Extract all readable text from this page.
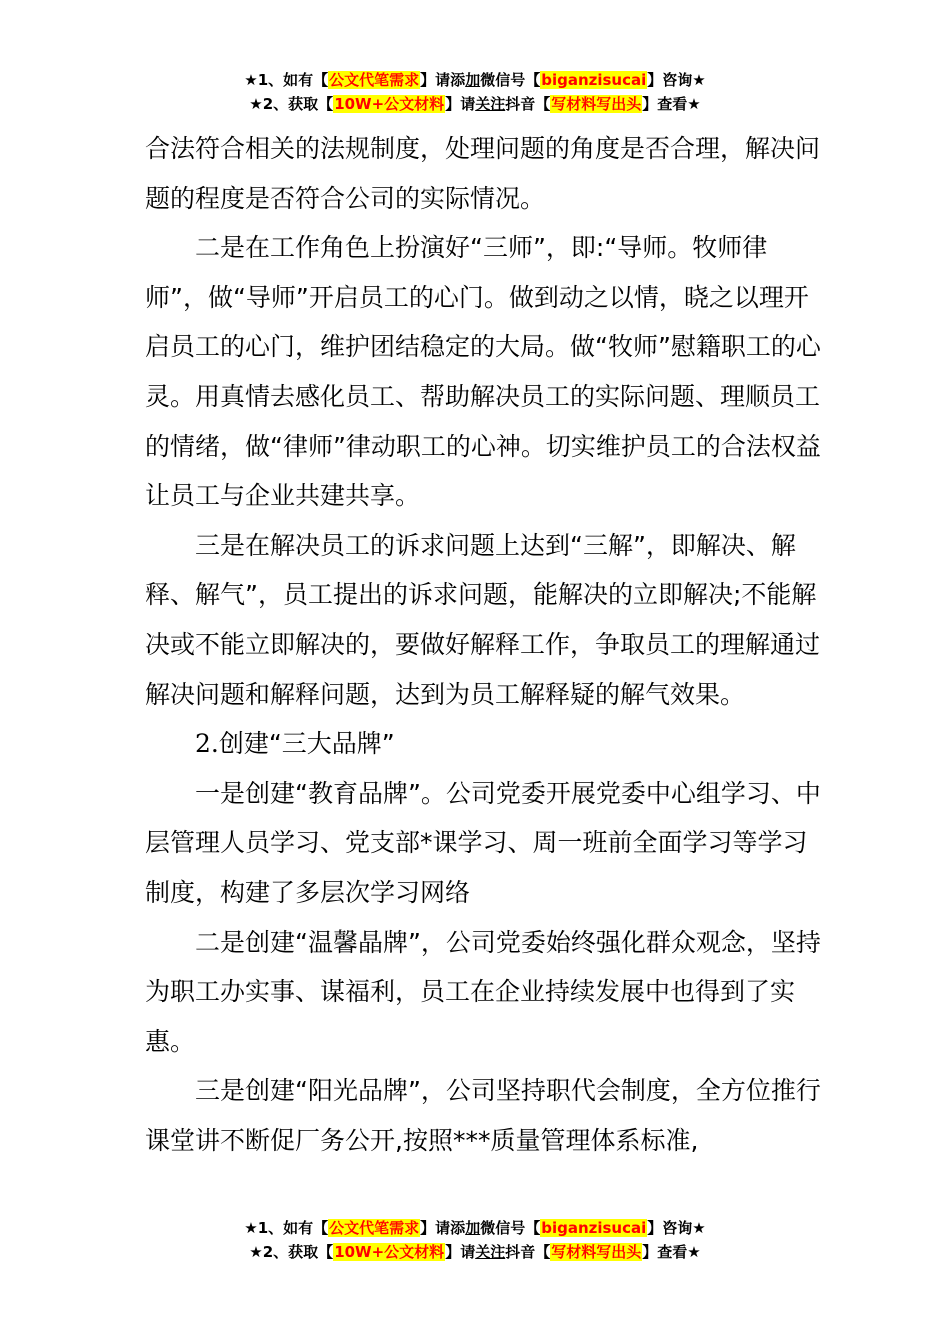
★1、如有【公文代笔需求】请添加微信号【biganzisucai】咨询★
★2、获取【10W+公文材料】请关注抖音【写材料写出头】查看★

合法符合相关的法规制度，处理问题的角度是否合理，解决问题的程度是否符合公司的实际情况。

二是在工作角色上扮演好“三师”，即:“导师。牧师律师”，做“导师”开启员工的心门。做到动之以情，晓之以理开启员工的心门，维护团结稳定的大局。做“牧师”慰籍职工的心灵。用真情去感化员工、帮助解决员工的实际问题、理顺员工的情绪，做“律师”律动职工的心神。切实维护员工的合法权益让员工与企业共建共享。

三是在解决员工的诉求问题上达到“三解”，即解决、解释、解气”，员工提出的诉求问题，能解决的立即解决;不能解决或不能立即解决的，要做好解释工作，争取员工的理解通过解决问题和解释问题，达到为员工解释疑的解气效果。

2.创建“三大品牌”

一是创建“教育品牌”。公司党委开展党委中心组学习、中层管理人员学习、党支部*课学习、周一班前全面学习等学习制度，构建了多层次学习网络

二是创建“温馨晶牌”，公司党委始终强化群众观念，坚持为职工办实事、谋福利，员工在企业持续发展中也得到了实惠。

三是创建“阳光品牌”，公司坚持职代会制度，全方位推行课堂讲不断促厂务公开,按照***质量管理体系标准,

★1、如有【公文代笔需求】请添加微信号【biganzisucai】咨询★
★2、获取【10W+公文材料】请关注抖音【写材料写出头】查看★
